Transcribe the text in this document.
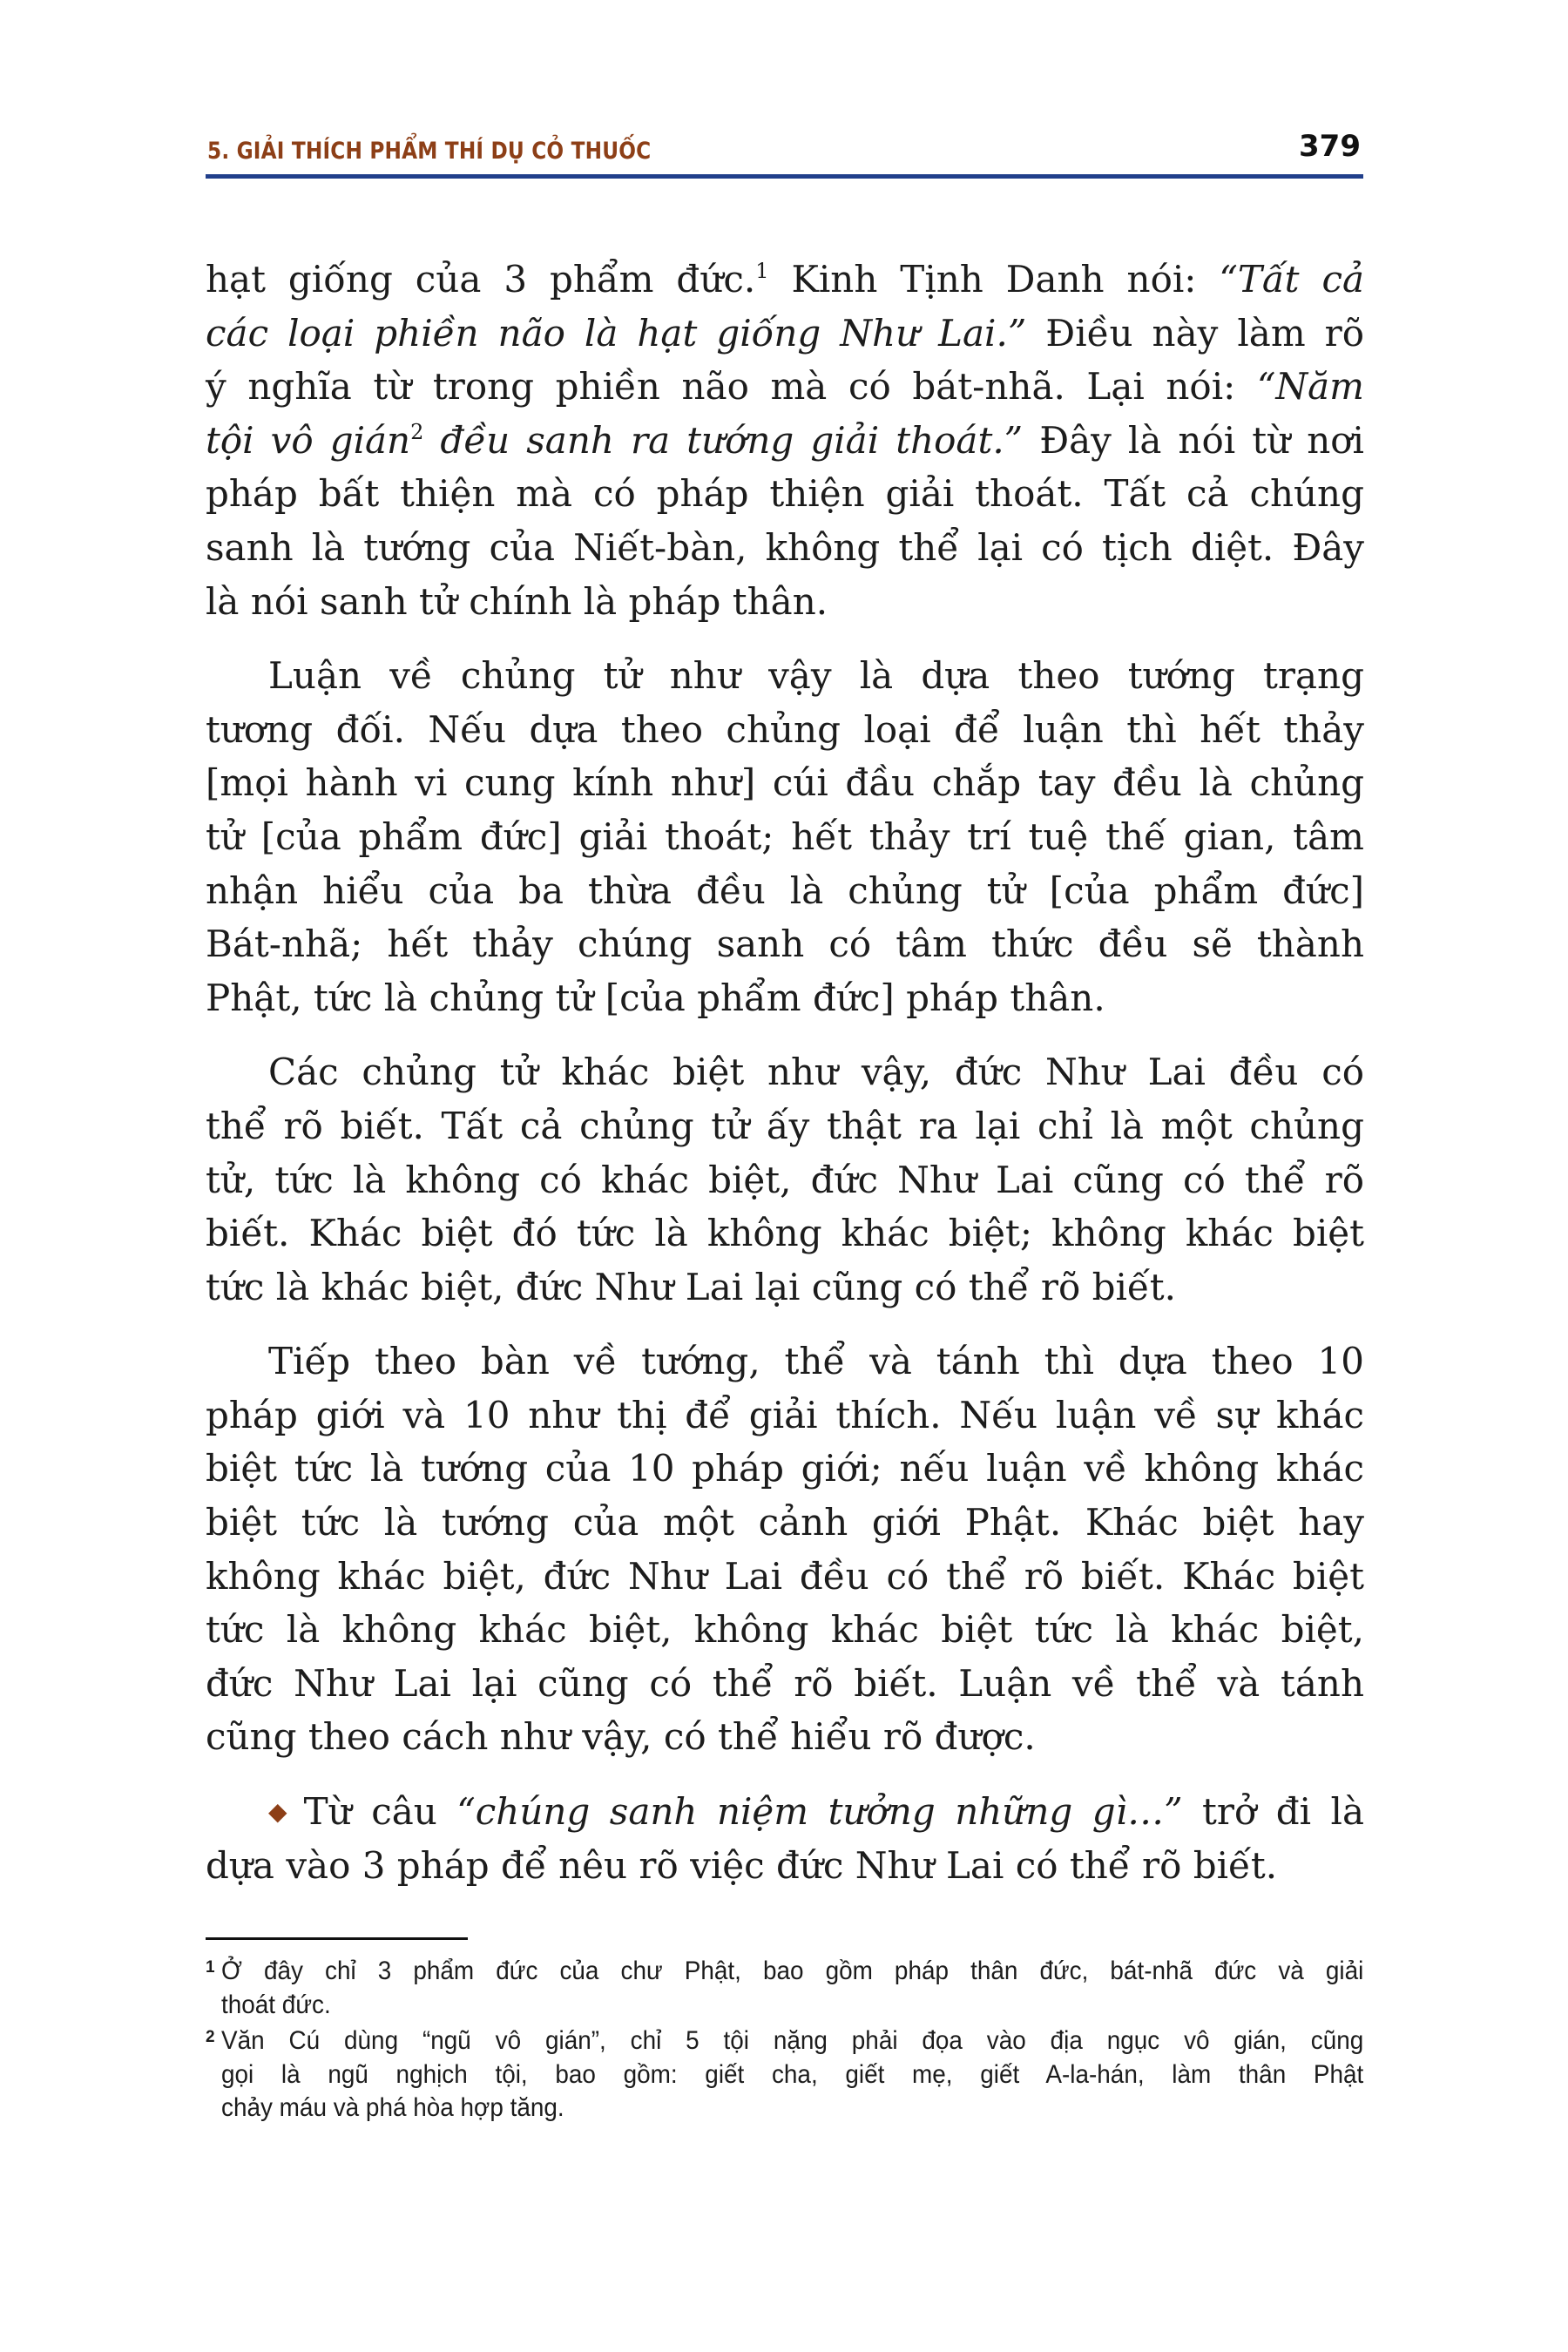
5. GIẢI THÍCH PHẨM THÍ DỤ CỎ THUỐC	379
hạt giống của 3 phẩm đức.$^1$ Kinh Tịnh Danh nói: “Tất cả
các loại phiền não là hạt giống Như Lai.” Điều này làm rõ
ý nghĩa từ trong phiền não mà có bát-nhã. Lại nói: “Năm
tội vô gián$^2$ đều sanh ra tướng giải thoát.” Đây là nói từ nơi
pháp bất thiện mà có pháp thiện giải thoát. Tất cả chúng
sanh là tướng của Niết-bàn, không thể lại có tịch diệt. Đây
là nói sanh tử chính là pháp thân.
Luận về chủng tử như vậy là dựa theo tướng trạng
tương đối. Nếu dựa theo chủng loại để luận thì hết thảy
[mọi hành vi cung kính như] cúi đầu chắp tay đều là chủng
tử [của phẩm đức] giải thoát; hết thảy trí tuệ thế gian, tâm
nhận hiểu của ba thừa đều là chủng tử [của phẩm đức]
Bát-nhã; hết thảy chúng sanh có tâm thức đều sẽ thành
Phật, tức là chủng tử [của phẩm đức] pháp thân.
Các chủng tử khác biệt như vậy, đức Như Lai đều có
thể rõ biết. Tất cả chủng tử ấy thật ra lại chỉ là một chủng
tử, tức là không có khác biệt, đức Như Lai cũng có thể rõ
biết. Khác biệt đó tức là không khác biệt; không khác biệt
tức là khác biệt, đức Như Lai lại cũng có thể rõ biết.
Tiếp theo bàn về tướng, thể và tánh thì dựa theo 10
pháp giới và 10 như thị để giải thích. Nếu luận về sự khác
biệt tức là tướng của 10 pháp giới; nếu luận về không khác
biệt tức là tướng của một cảnh giới Phật. Khác biệt hay
không khác biệt, đức Như Lai đều có thể rõ biết. Khác biệt
tức là không khác biệt, không khác biệt tức là khác biệt,
đức Như Lai lại cũng có thể rõ biết. Luận về thể và tánh
cũng theo cách như vậy, có thể hiểu rõ được.
◆ Từ câu “chúng sanh niệm tưởng những gì…” trở đi là
dựa vào 3 pháp để nêu rõ việc đức Như Lai có thể rõ biết.
1 Ở đây chỉ 3 phẩm đức của chư Phật, bao gồm pháp thân đức, bát-nhã đức và giải
thoát đức.
2 Văn Cú dùng “ngũ vô gián”, chỉ 5 tội nặng phải đọa vào địa ngục vô gián, cũng
gọi là ngũ nghịch tội, bao gồm: giết cha, giết mẹ, giết A-la-hán, làm thân Phật
chảy máu và phá hòa hợp tăng.
